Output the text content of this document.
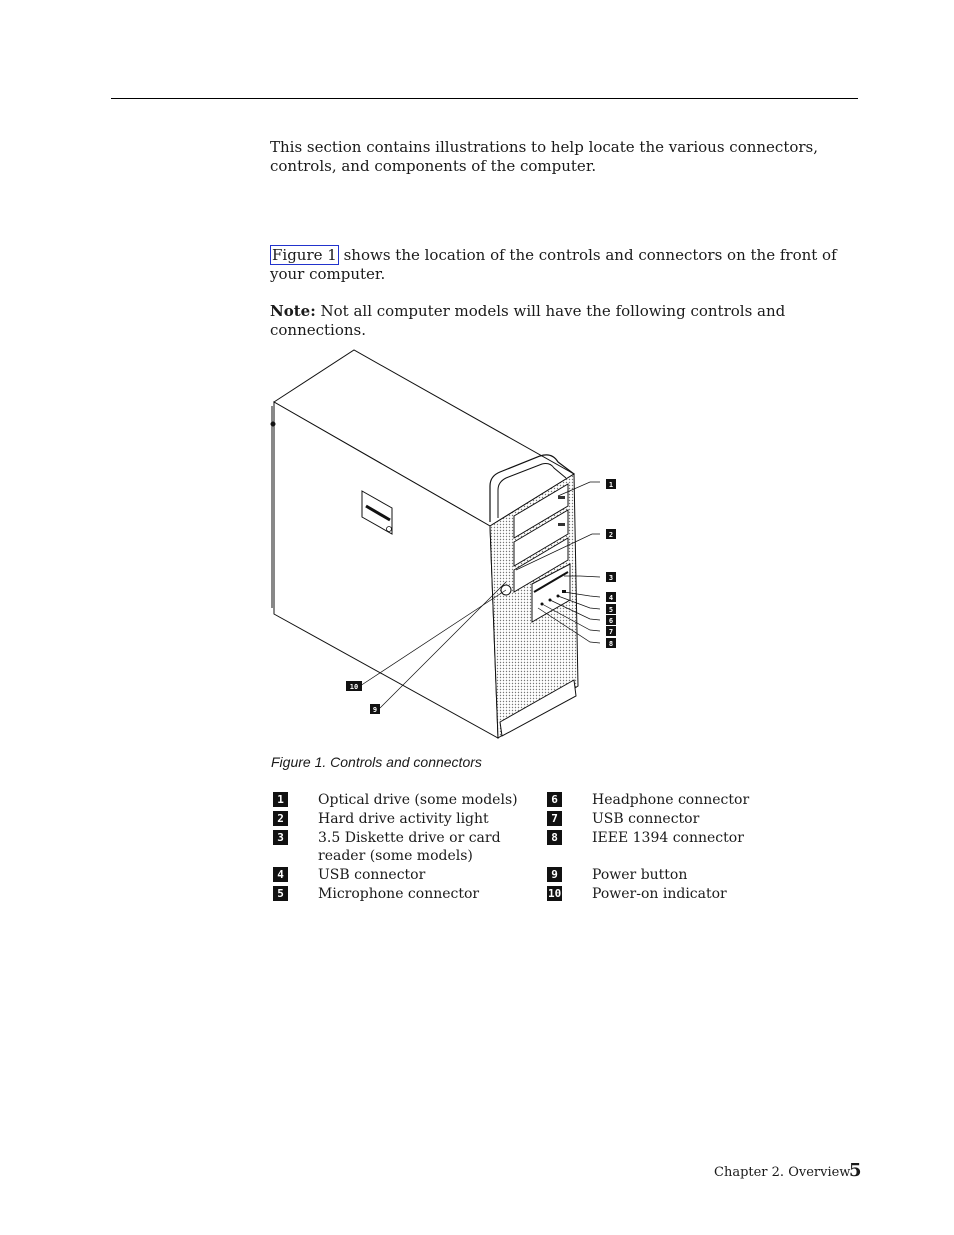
This section contains illustrations to help locate the various connectors, controls, and components of the computer.

Figure 1 shows the location of the controls and connectors on the front of your computer.

Note: Not all computer models will have the following controls and connections.

1
2
3
4
5
6
7
8
10
9

Figure 1. Controls and connectors

1 Optical drive (some models)
2 Hard drive activity light
3 3.5 Diskette drive or card reader (some models)
4 USB connector
5 Microphone connector
6 Headphone connector
7 USB connector
8 IEEE 1394 connector
9 Power button
10 Power-on indicator
Chapter 2. Overview
5
